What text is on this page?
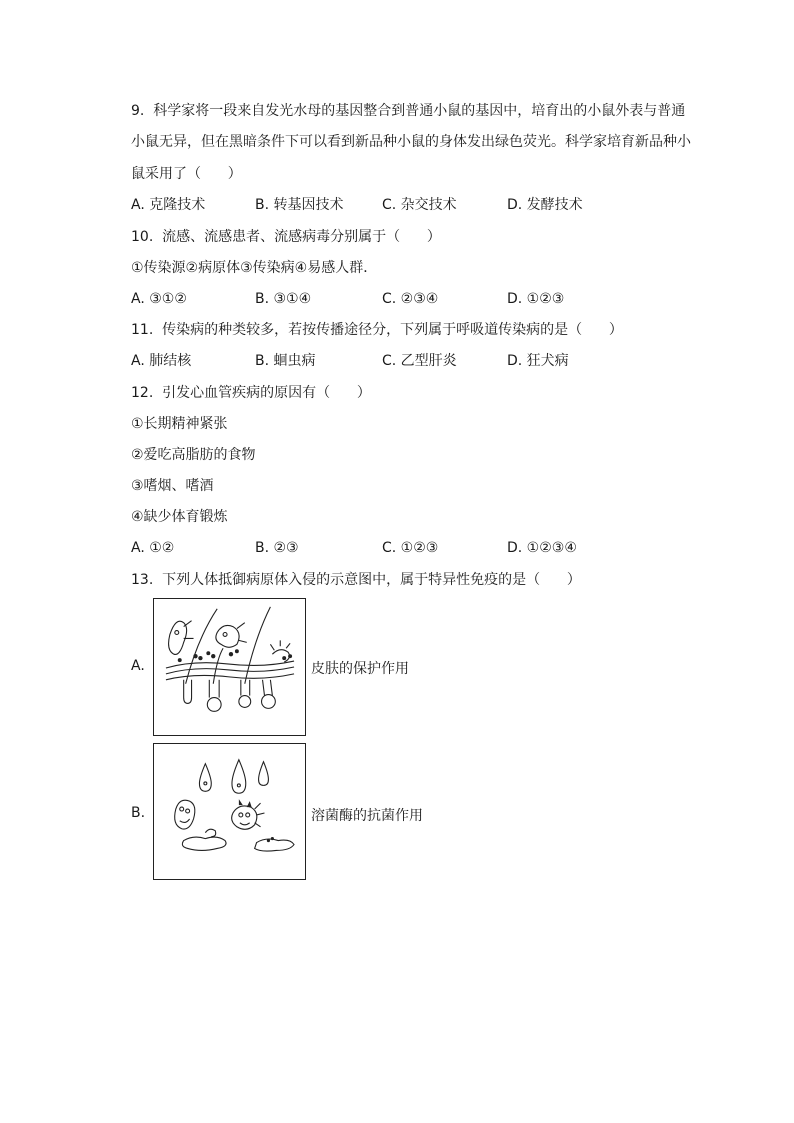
9.  科学家将一段来自发光水母的基因整合到普通小鼠的基因中，培育出的小鼠外表与普通
小鼠无异，但在黑暗条件下可以看到新品种小鼠的身体发出绿色荧光。科学家培育新品种小
鼠采用了（      ）
A. 克隆技术	B. 转基因技术	C. 杂交技术	D. 发酵技术
10.  流感、流感患者、流感病毒分别属于（      ）
①传染源②病原体③传染病④易感人群．
A. ③①②	B. ③①④	C. ②③④	D. ①②③
11.  传染病的种类较多，若按传播途径分，下列属于呼吸道传染病的是（      ）
A. 肺结核	B. 蛔虫病	C. 乙型肝炎	D. 狂犬病
12.  引发心血管疾病的原因有（      ）
①长期精神紧张
②爱吃高脂肪的食物
③嗜烟、嗜酒
④缺少体育锻炼
A. ①②	B. ②③	C. ①②③	D. ①②③④
13.  下列人体抵御病原体入侵的示意图中，属于特异性免疫的是（      ）
A.	皮肤的保护作用
B.	溶菌酶的抗菌作用
